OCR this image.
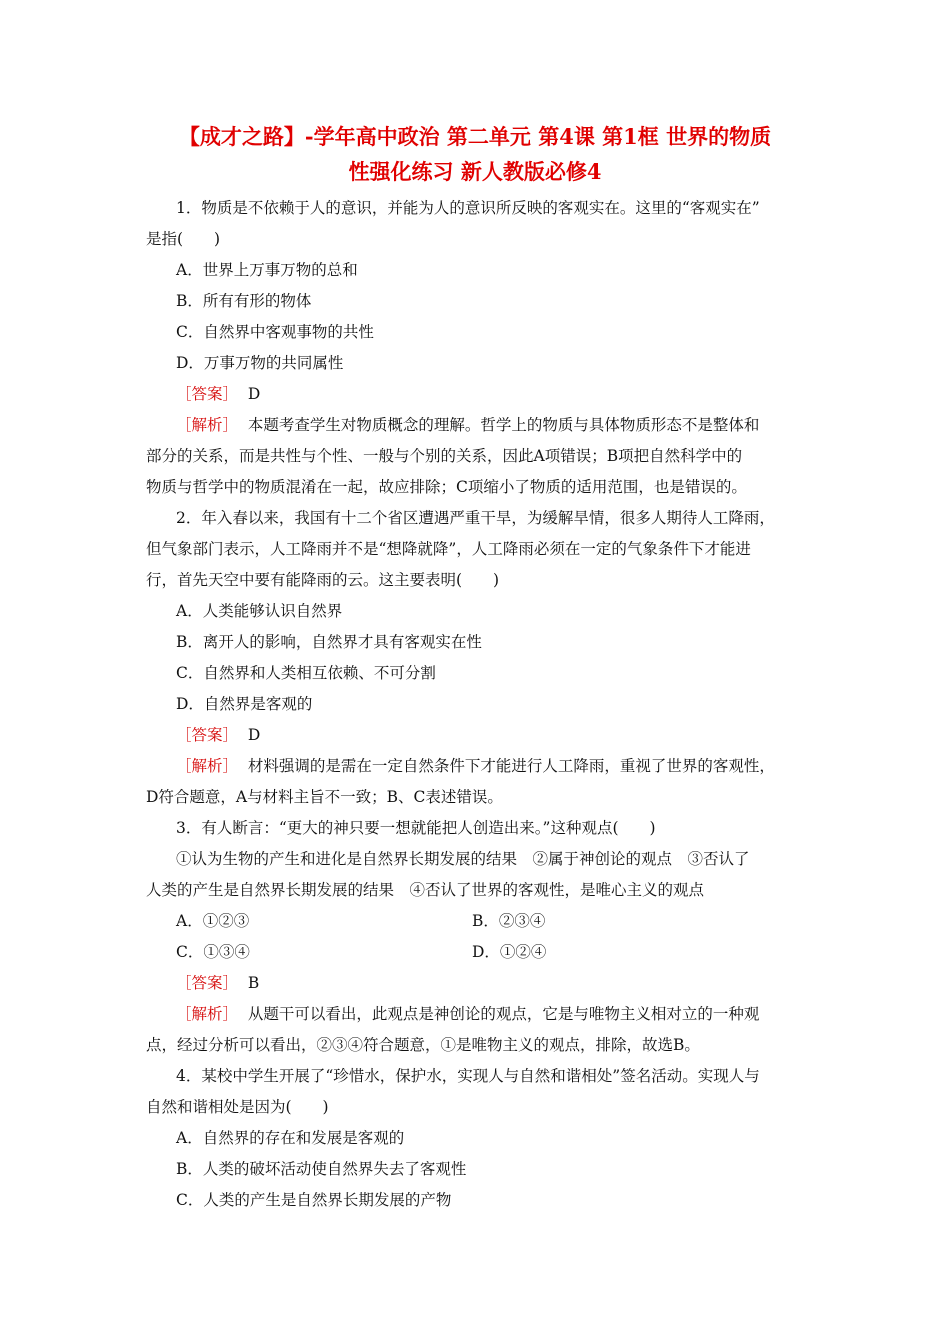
【成才之路】-学年高中政治 第二单元 第4课 第1框 世界的物质
性强化练习 新人教版必修4
1．物质是不依赖于人的意识，并能为人的意识所反映的客观实在。这里的“客观实在”
是指(　　)
A．世界上万事万物的总和
B．所有有形的物体
C．自然界中客观事物的共性
D．万事万物的共同属性
［答案］ D
［解析］ 本题考查学生对物质概念的理解。哲学上的物质与具体物质形态不是整体和
部分的关系，而是共性与个性、一般与个别的关系，因此A项错误；B项把自然科学中的
物质与哲学中的物质混淆在一起，故应排除；C项缩小了物质的适用范围，也是错误的。
2．年入春以来，我国有十二个省区遭遇严重干旱，为缓解旱情，很多人期待人工降雨，
但气象部门表示，人工降雨并不是“想降就降”，人工降雨必须在一定的气象条件下才能进
行，首先天空中要有能降雨的云。这主要表明(　　)
A．人类能够认识自然界
B．离开人的影响，自然界才具有客观实在性
C．自然界和人类相互依赖、不可分割
D．自然界是客观的
［答案］ D
［解析］ 材料强调的是需在一定自然条件下才能进行人工降雨，重视了世界的客观性，
D符合题意，A与材料主旨不一致；B、C表述错误。
3．有人断言：“更大的神只要一想就能把人创造出来。”这种观点(　　)
①认为生物的产生和进化是自然界长期发展的结果　②属于神创论的观点　③否认了
人类的产生是自然界长期发展的结果　④否认了世界的客观性，是唯心主义的观点
A．①②③	B．②③④
C．①③④	D．①②④
［答案］ B
［解析］ 从题干可以看出，此观点是神创论的观点，它是与唯物主义相对立的一种观
点，经过分析可以看出，②③④符合题意，①是唯物主义的观点，排除，故选B。
4．某校中学生开展了“珍惜水，保护水，实现人与自然和谐相处”签名活动。实现人与
自然和谐相处是因为(　　)
A．自然界的存在和发展是客观的
B．人类的破坏活动使自然界失去了客观性
C．人类的产生是自然界长期发展的产物
